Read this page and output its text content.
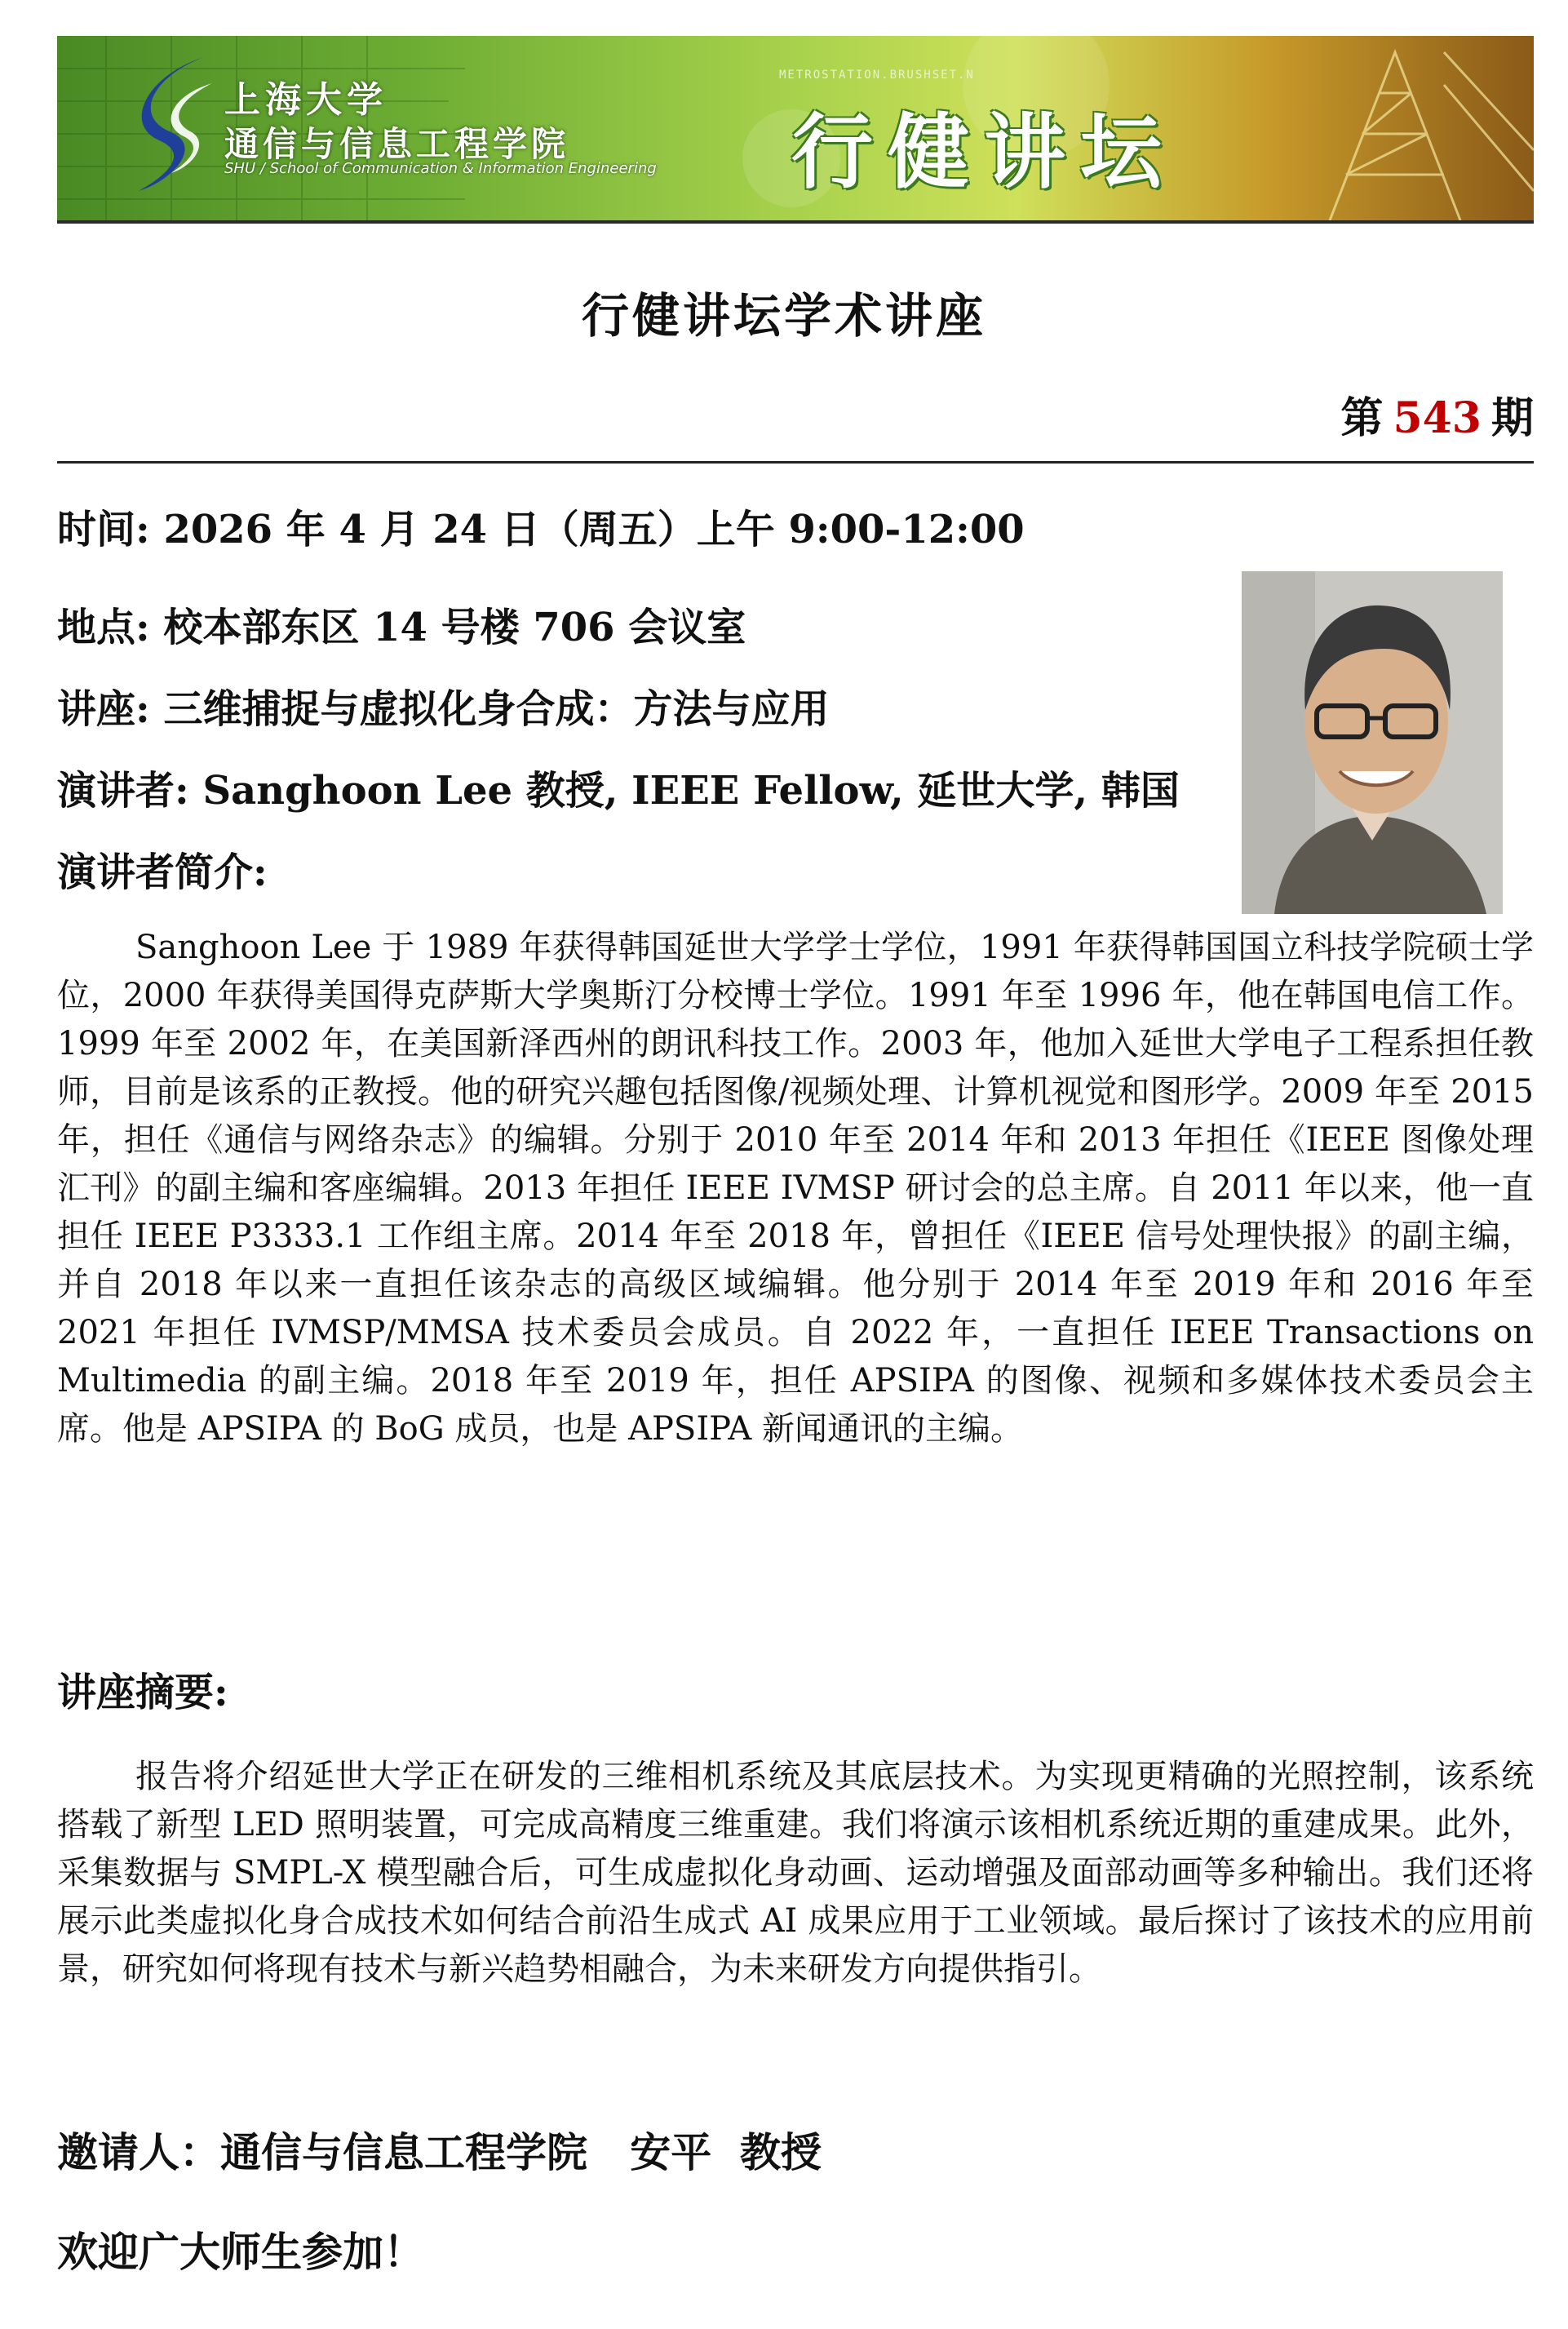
上海大学
通信与信息工程学院
SHU / School of Communication & Information Engineering
METROSTATION.BRUSHSET.N
行健讲坛
行健讲坛学术讲座
第 543 期
时间: 2026 年 4 月 24 日（周五）上午 9:00-12:00
地点: 校本部东区 14 号楼 706 会议室
讲座: 三维捕捉与虚拟化身合成：方法与应用
演讲者: Sanghoon Lee 教授, IEEE Fellow, 延世大学, 韩国
演讲者简介:
Sanghoon Lee 于 1989 年获得韩国延世大学学士学位，1991 年获得韩国国立科技学院硕士学位，2000 年获得美国得克萨斯大学奥斯汀分校博士学位。1991 年至 1996 年，他在韩国电信工作。1999 年至 2002 年，在美国新泽西州的朗讯科技工作。2003 年，他加入延世大学电子工程系担任教师，目前是该系的正教授。他的研究兴趣包括图像/视频处理、计算机视觉和图形学。2009 年至 2015 年，担任《通信与网络杂志》的编辑。分别于 2010 年至 2014 年和 2013 年担任《IEEE 图像处理汇刊》的副主编和客座编辑。2013 年担任 IEEE IVMSP 研讨会的总主席。自 2011 年以来，他一直担任 IEEE P3333.1 工作组主席。2014 年至 2018 年，曾担任《IEEE 信号处理快报》的副主编，并自 2018 年以来一直担任该杂志的高级区域编辑。他分别于 2014 年至 2019 年和 2016 年至 2021 年担任 IVMSP/MMSA 技术委员会成员。自 2022 年，一直担任 IEEE Transactions on Multimedia 的副主编。2018 年至 2019 年，担任 APSIPA 的图像、视频和多媒体技术委员会主席。他是 APSIPA 的 BoG 成员，也是 APSIPA 新闻通讯的主编。
讲座摘要:
报告将介绍延世大学正在研发的三维相机系统及其底层技术。为实现更精确的光照控制，该系统搭载了新型 LED 照明装置，可完成高精度三维重建。我们将演示该相机系统近期的重建成果。此外，采集数据与 SMPL-X 模型融合后，可生成虚拟化身动画、运动增强及面部动画等多种输出。我们还将展示此类虚拟化身合成技术如何结合前沿生成式 AI 成果应用于工业领域。最后探讨了该技术的应用前景，研究如何将现有技术与新兴趋势相融合，为未来研发方向提供指引。
邀请人：通信与信息工程学院   安平  教授
欢迎广大师生参加！
